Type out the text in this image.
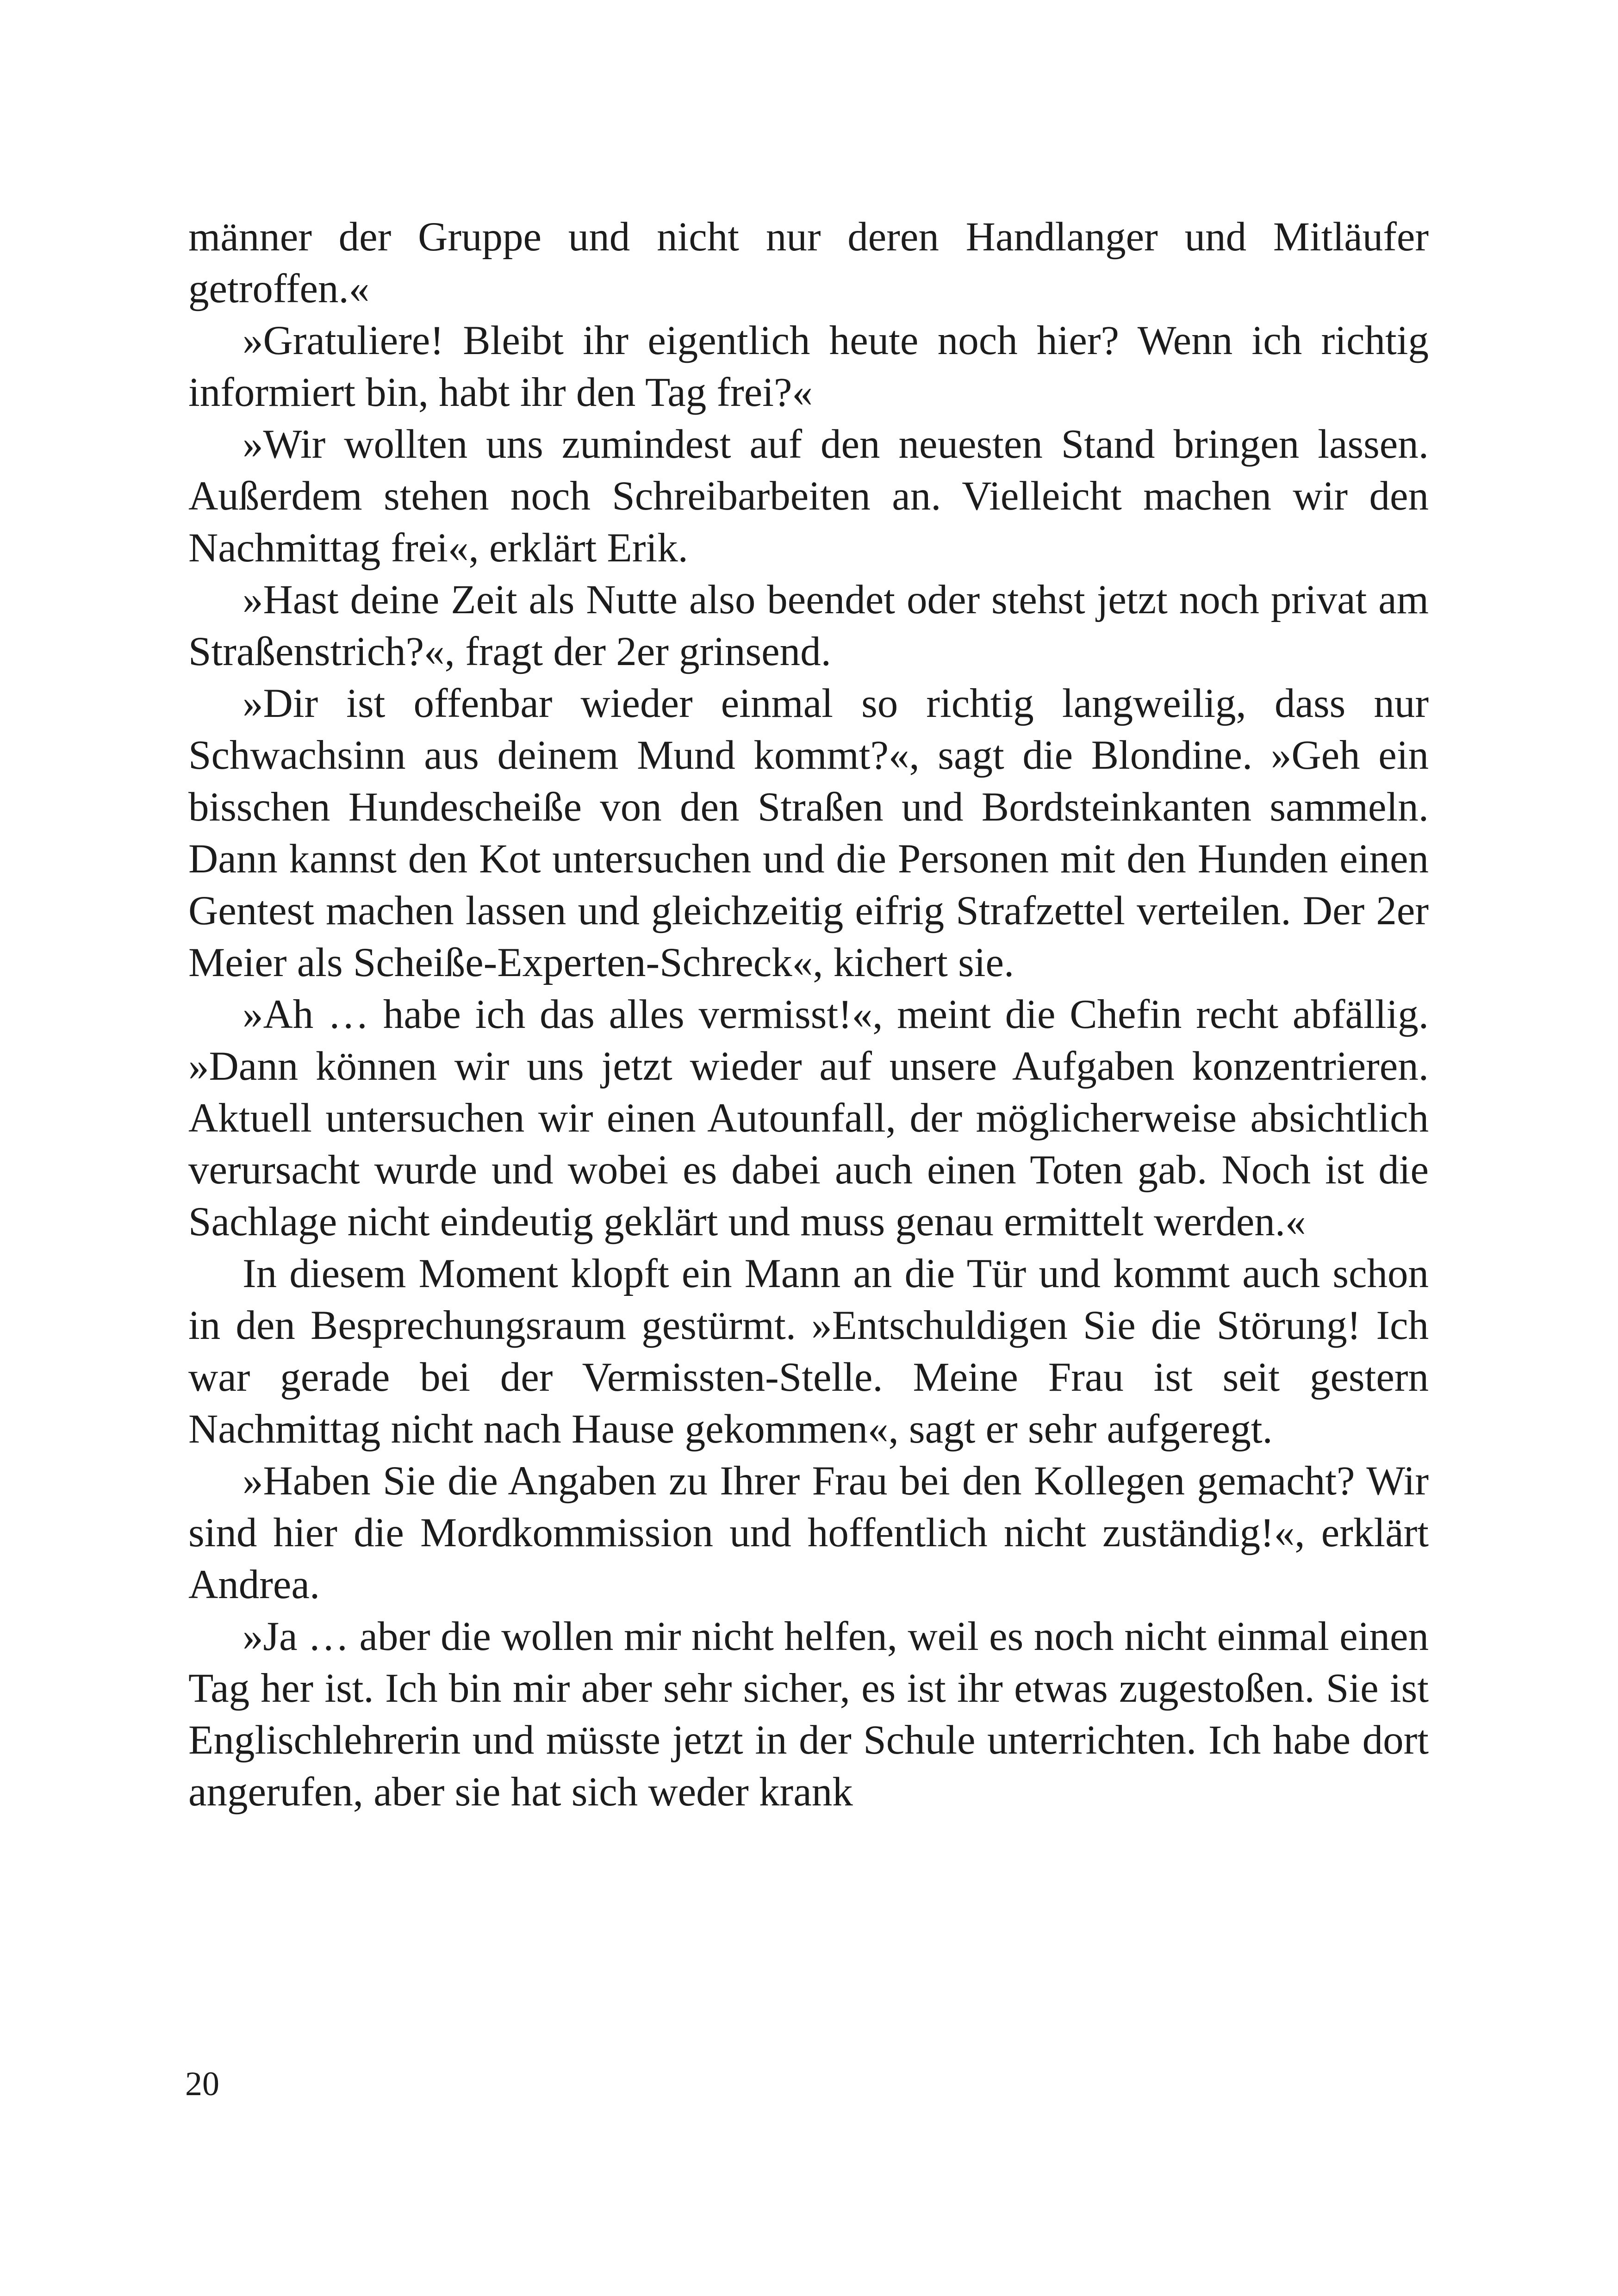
männer der Gruppe und nicht nur deren Handlanger und Mitläufer getroffen.«

»Gratuliere! Bleibt ihr eigentlich heute noch hier? Wenn ich richtig informiert bin, habt ihr den Tag frei?«

»Wir wollten uns zumindest auf den neuesten Stand bringen lassen. Außerdem stehen noch Schreibarbeiten an. Vielleicht machen wir den Nachmittag frei«, erklärt Erik.

»Hast deine Zeit als Nutte also beendet oder stehst jetzt noch privat am Straßenstrich?«, fragt der 2er grinsend.

»Dir ist offenbar wieder einmal so richtig langweilig, dass nur Schwachsinn aus deinem Mund kommt?«, sagt die Blondine. »Geh ein bisschen Hundescheiße von den Straßen und Bordsteinkanten sammeln. Dann kannst den Kot untersuchen und die Personen mit den Hunden einen Gentest machen lassen und gleichzeitig eifrig Strafzettel verteilen. Der 2er Meier als Scheiße-Experten-Schreck«, kichert sie.

»Ah … habe ich das alles vermisst!«, meint die Chefin recht abfällig. »Dann können wir uns jetzt wieder auf unsere Aufgaben konzentrieren. Aktuell untersuchen wir einen Autounfall, der möglicherweise absichtlich verursacht wurde und wobei es dabei auch einen Toten gab. Noch ist die Sachlage nicht eindeutig geklärt und muss genau ermittelt werden.«

In diesem Moment klopft ein Mann an die Tür und kommt auch schon in den Besprechungsraum gestürmt. »Entschuldigen Sie die Störung! Ich war gerade bei der Vermissten-Stelle. Meine Frau ist seit gestern Nachmittag nicht nach Hause gekommen«, sagt er sehr aufgeregt.

»Haben Sie die Angaben zu Ihrer Frau bei den Kollegen gemacht? Wir sind hier die Mordkommission und hoffentlich nicht zuständig!«, erklärt Andrea.

»Ja … aber die wollen mir nicht helfen, weil es noch nicht einmal einen Tag her ist. Ich bin mir aber sehr sicher, es ist ihr etwas zugestoßen. Sie ist Englischlehrerin und müsste jetzt in der Schule unterrichten. Ich habe dort angerufen, aber sie hat sich weder krank

20
